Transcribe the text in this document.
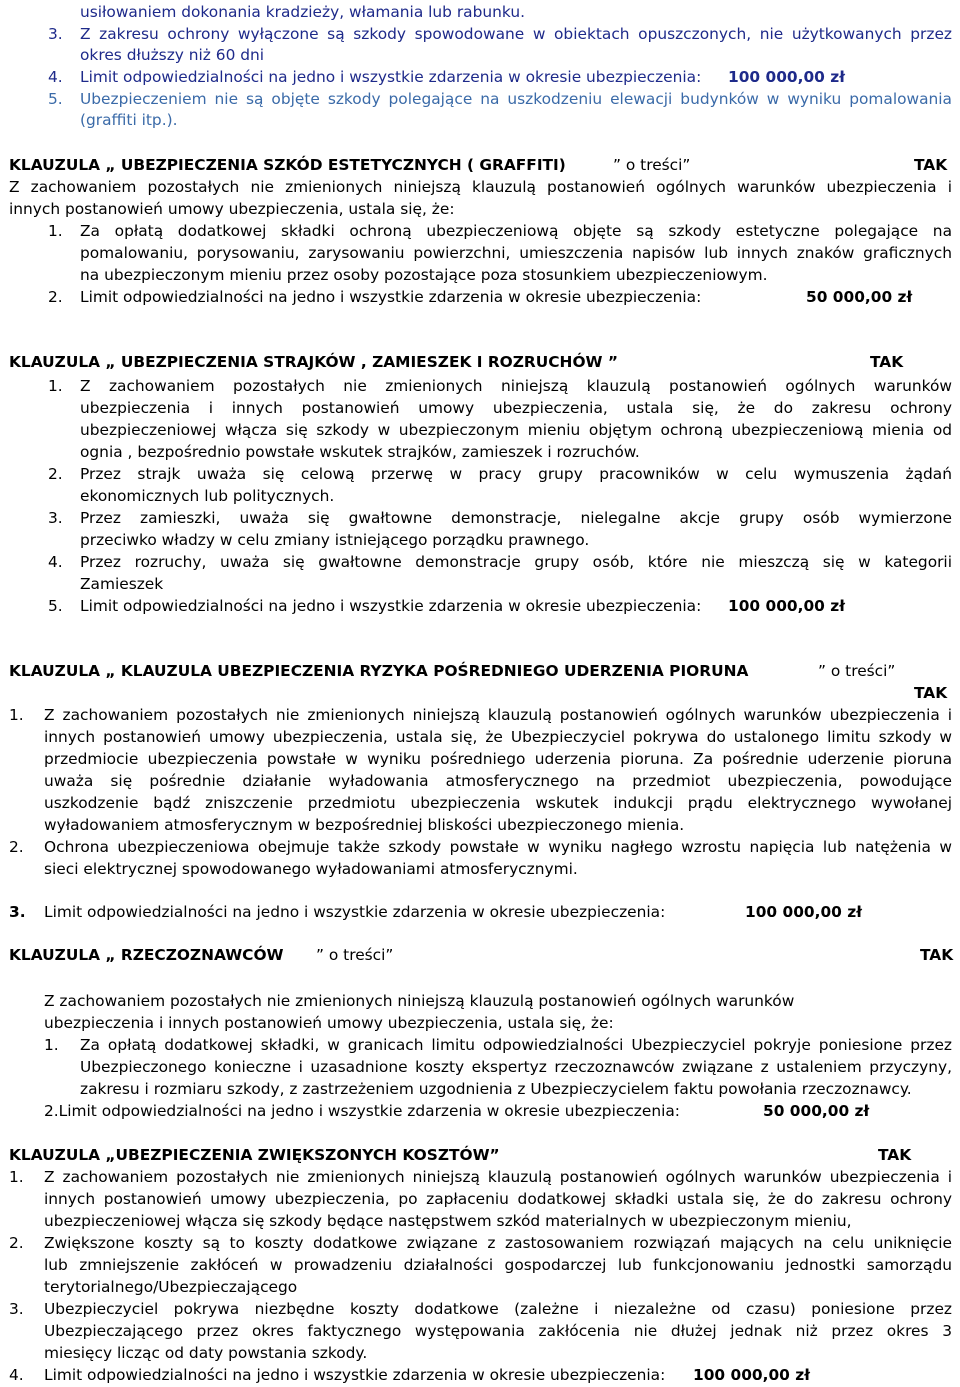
usiłowaniem dokonania kradzieży, włamania lub rabunku.
3. Z zakresu ochrony wyłączone są szkody spowodowane w obiektach opuszczonych, nie użytkowanych przez
okres dłuższy niż 60 dni
4. Limit odpowiedzialności na jedno i wszystkie zdarzenia w okresie ubezpieczenia: 100 000,00 zł
5. Ubezpieczeniem nie są objęte szkody polegające na uszkodzeniu elewacji budynków w wyniku pomalowania
(graffiti itp.).
KLAUZULA „ UBEZPIECZENIA SZKÓD ESTETYCZNYCH ( GRAFFITI)	” o treści”	TAK
Z zachowaniem pozostałych nie zmienionych niniejszą klauzulą postanowień ogólnych warunków ubezpieczenia i
innych postanowień umowy ubezpieczenia, ustala się, że:
1. Za opłatą dodatkowej składki ochroną ubezpieczeniową objęte są szkody estetyczne polegające na
pomalowaniu, porysowaniu, zarysowaniu powierzchni, umieszczenia napisów lub innych znaków graficznych
na ubezpieczonym mieniu przez osoby pozostające poza stosunkiem ubezpieczeniowym.
2. Limit odpowiedzialności na jedno i wszystkie zdarzenia w okresie ubezpieczenia:	50 000,00 zł
KLAUZULA „ UBEZPIECZENIA STRAJKÓW , ZAMIESZEK I ROZRUCHÓW ”	TAK
1. Z zachowaniem pozostałych nie zmienionych niniejszą klauzulą postanowień ogólnych warunków
ubezpieczenia i innych postanowień umowy ubezpieczenia, ustala się, że do zakresu ochrony
ubezpieczeniowej włącza się szkody w ubezpieczonym mieniu objętym ochroną ubezpieczeniową mienia od
ognia , bezpośrednio powstałe wskutek strajków, zamieszek i rozruchów.
2. Przez strajk uważa się celową przerwę w pracy grupy pracowników w celu wymuszenia żądań
ekonomicznych lub politycznych.
3. Przez zamieszki, uważa się gwałtowne demonstracje, nielegalne akcje grupy osób wymierzone
przeciwko władzy w celu zmiany istniejącego porządku prawnego.
4. Przez rozruchy, uważa się gwałtowne demonstracje grupy osób, które nie mieszczą się w kategorii
Zamieszek
5. Limit odpowiedzialności na jedno i wszystkie zdarzenia w okresie ubezpieczenia: 100 000,00 zł
KLAUZULA „ KLAUZULA UBEZPIECZENIA RYZYKA POŚREDNIEGO UDERZENIA PIORUNA	” o treści”
TAK
1. Z zachowaniem pozostałych nie zmienionych niniejszą klauzulą postanowień ogólnych warunków ubezpieczenia i
innych postanowień umowy ubezpieczenia, ustala się, że Ubezpieczyciel pokrywa do ustalonego limitu szkody w
przedmiocie ubezpieczenia powstałe w wyniku pośredniego uderzenia pioruna. Za pośrednie uderzenie pioruna
uważa się pośrednie działanie wyładowania atmosferycznego na przedmiot ubezpieczenia, powodujące
uszkodzenie bądź zniszczenie przedmiotu ubezpieczenia wskutek indukcji prądu elektrycznego wywołanej
wyładowaniem atmosferycznym w bezpośredniej bliskości ubezpieczonego mienia.
2. Ochrona ubezpieczeniowa obejmuje także szkody powstałe w wyniku nagłego wzrostu napięcia lub natężenia w
sieci elektrycznej spowodowanego wyładowaniami atmosferycznymi.
3. Limit odpowiedzialności na jedno i wszystkie zdarzenia w okresie ubezpieczenia:	100 000,00 zł
KLAUZULA „ RZECZOZNAWCÓW ” o treści”	TAK
Z zachowaniem pozostałych nie zmienionych niniejszą klauzulą postanowień ogólnych warunków
ubezpieczenia i innych postanowień umowy ubezpieczenia, ustala się, że:
1. Za opłatą dodatkowej składki, w granicach limitu odpowiedzialności Ubezpieczyciel pokryje poniesione przez
Ubezpieczonego konieczne i uzasadnione koszty ekspertyz rzeczoznawców związane z ustaleniem przyczyny,
zakresu i rozmiaru szkody, z zastrzeżeniem uzgodnienia z Ubezpieczycielem faktu powołania rzeczoznawcy.
2.Limit odpowiedzialności na jedno i wszystkie zdarzenia w okresie ubezpieczenia:	50 000,00 zł
KLAUZULA „UBEZPIECZENIA ZWIĘKSZONYCH KOSZTÓW”	TAK
1. Z zachowaniem pozostałych nie zmienionych niniejszą klauzulą postanowień ogólnych warunków ubezpieczenia i
innych postanowień umowy ubezpieczenia, po zapłaceniu dodatkowej składki ustala się, że do zakresu ochrony
ubezpieczeniowej włącza się szkody będące następstwem szkód materialnych w ubezpieczonym mieniu,
2. Zwiększone koszty są to koszty dodatkowe związane z zastosowaniem rozwiązań mających na celu uniknięcie
lub zmniejszenie zakłóceń w prowadzeniu działalności gospodarczej lub funkcjonowaniu jednostki samorządu
terytorialnego/Ubezpieczającego
3. Ubezpieczyciel pokrywa niezbędne koszty dodatkowe (zależne i niezależne od czasu) poniesione przez
Ubezpieczającego przez okres faktycznego występowania zakłócenia nie dłużej jednak niż przez okres 3
miesięcy licząc od daty powstania szkody.
4. Limit odpowiedzialności na jedno i wszystkie zdarzenia w okresie ubezpieczenia: 100 000,00 zł
